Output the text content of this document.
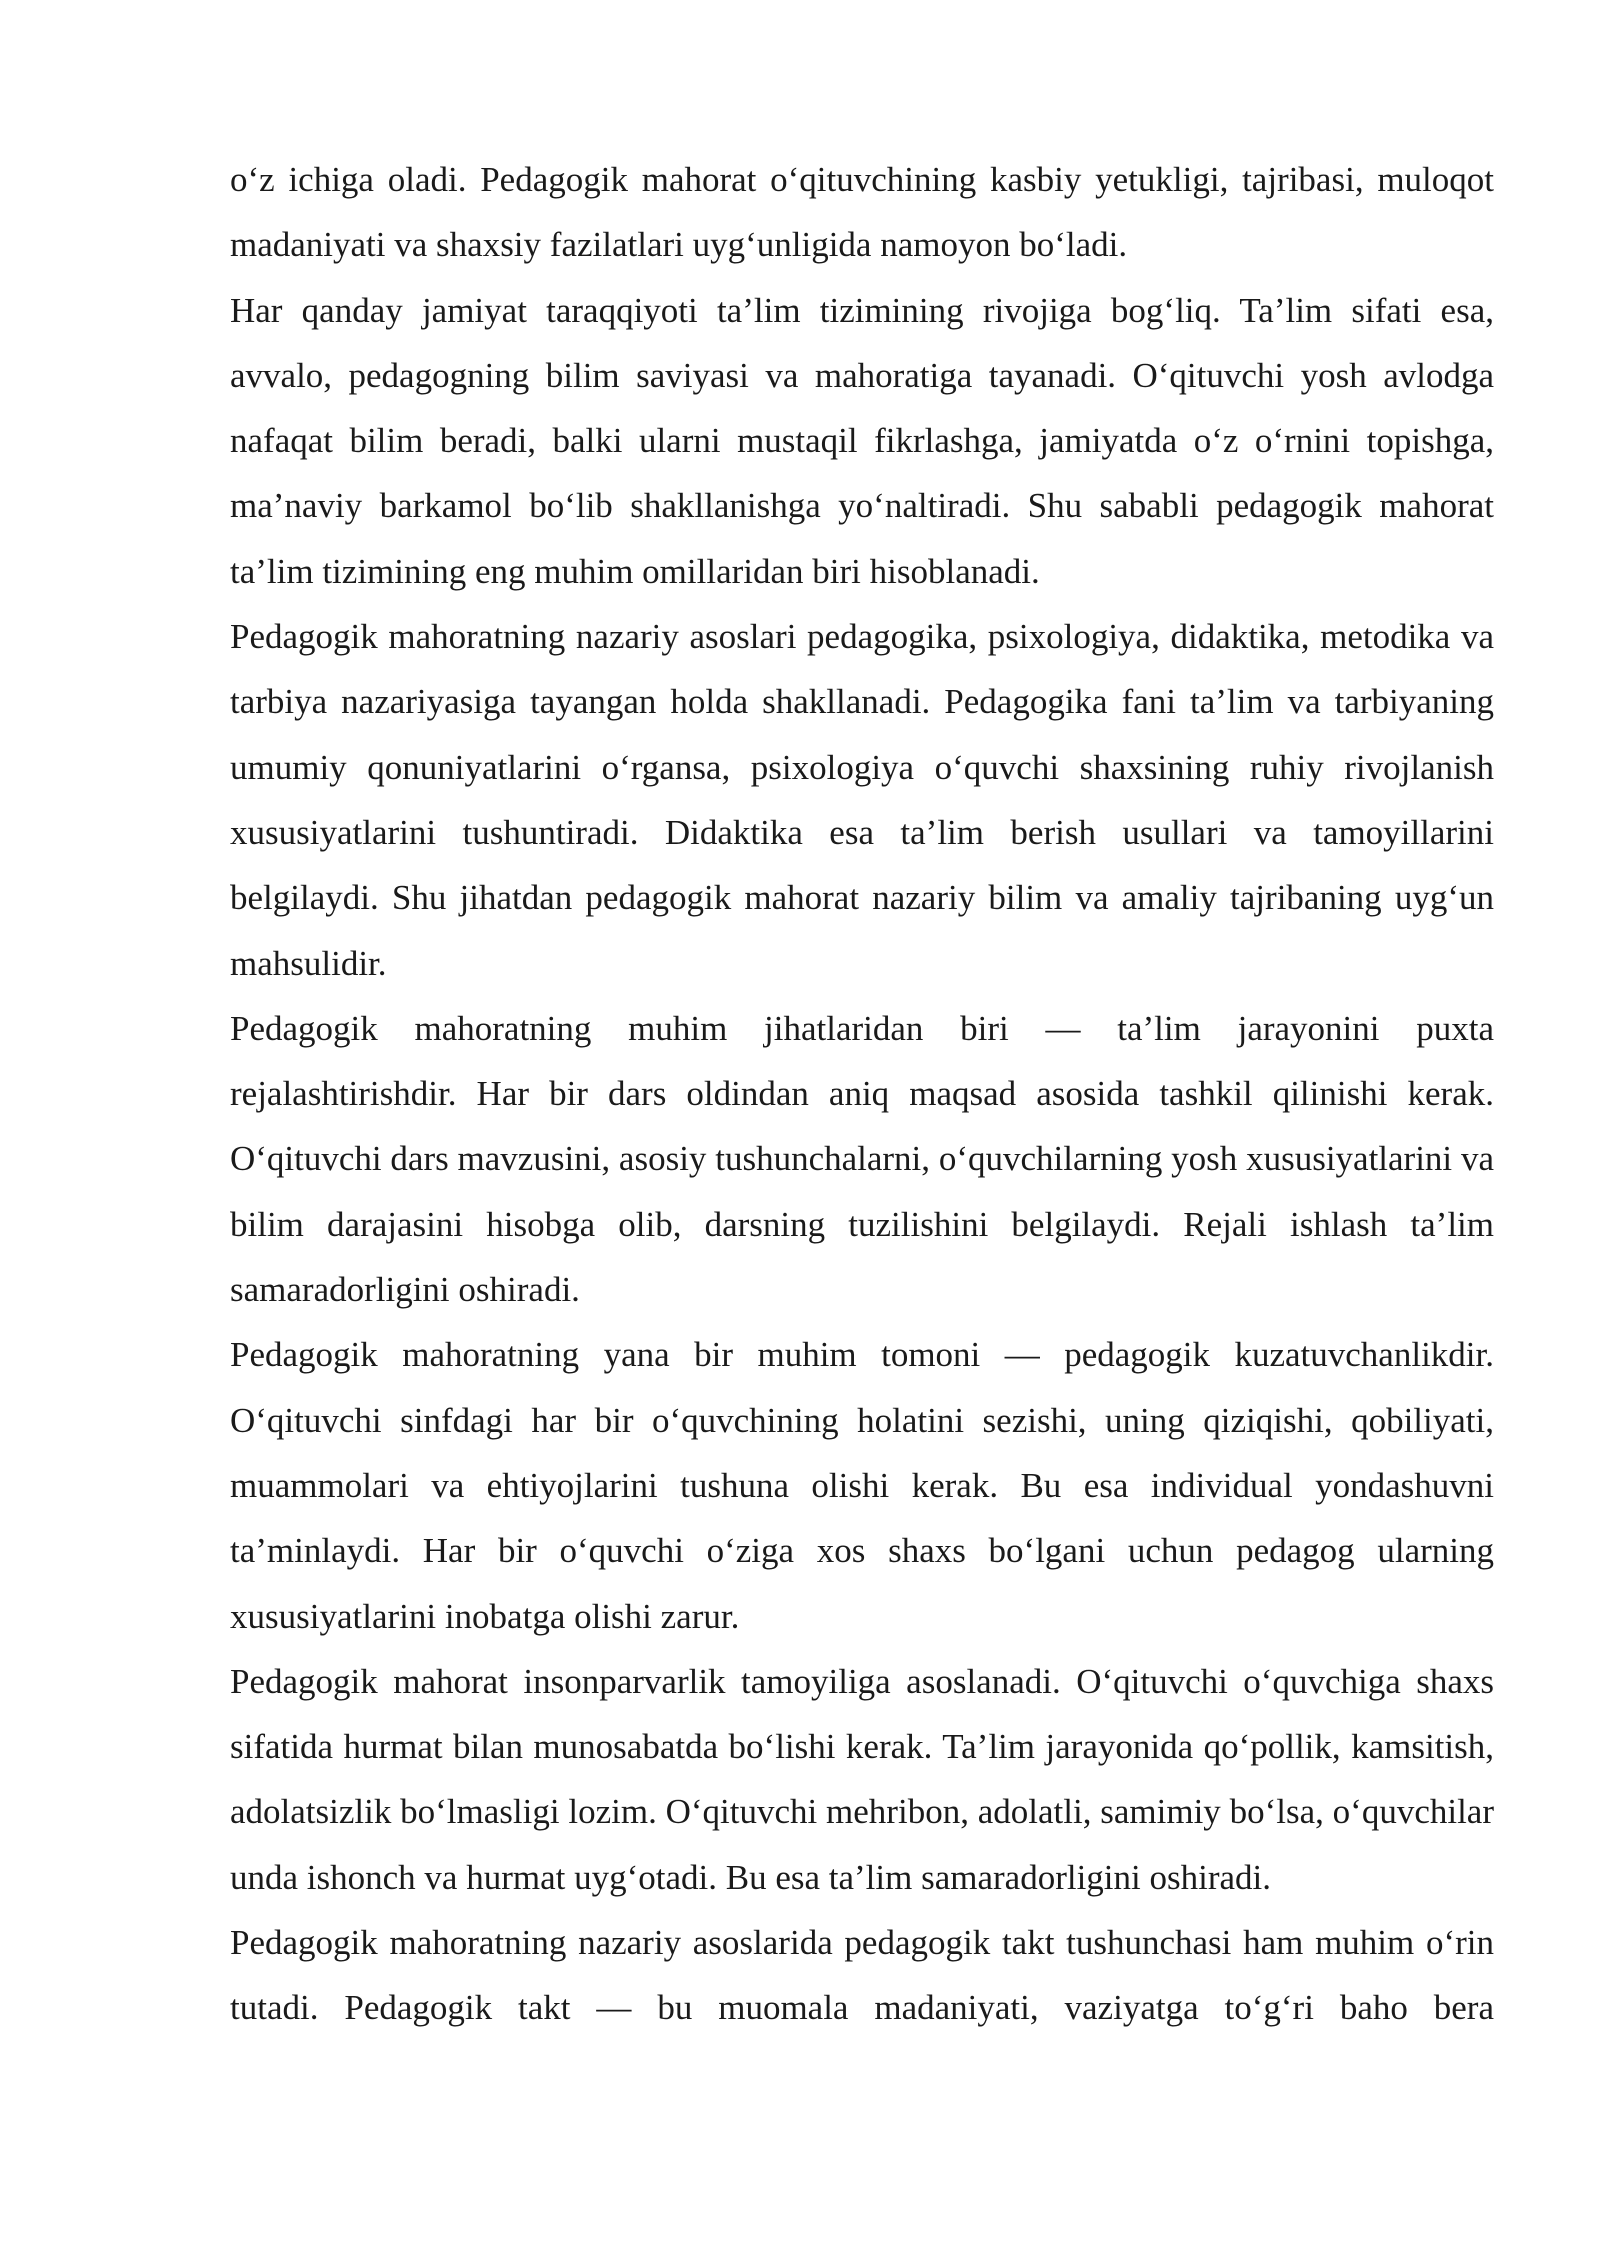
o‘z ichiga oladi. Pedagogik mahorat o‘qituvchining kasbiy yetukligi, tajribasi, muloqot madaniyati va shaxsiy fazilatlari uyg‘unligida namoyon bo‘ladi.

Har qanday jamiyat taraqqiyoti ta’lim tizimining rivojiga bog‘liq. Ta’lim sifati esa, avvalo, pedagogning bilim saviyasi va mahoratiga tayanadi. O‘qituvchi yosh avlodga nafaqat bilim beradi, balki ularni mustaqil fikrlashga, jamiyatda o‘z o‘rnini topishga, ma’naviy barkamol bo‘lib shakllanishga yo‘naltiradi. Shu sababli pedagogik mahorat ta’lim tizimining eng muhim omillaridan biri hisoblanadi.

Pedagogik mahoratning nazariy asoslari pedagogika, psixologiya, didaktika, metodika va tarbiya nazariyasiga tayangan holda shakllanadi. Pedagogika fani ta’lim va tarbiyaning umumiy qonuniyatlarini o‘rgansa, psixologiya o‘quvchi shaxsining ruhiy rivojlanish xususiyatlarini tushuntiradi. Didaktika esa ta’lim berish usullari va tamoyillarini belgilaydi. Shu jihatdan pedagogik mahorat nazariy bilim va amaliy tajribaning uyg‘un mahsulidir.

Pedagogik mahoratning muhim jihatlaridan biri — ta’lim jarayonini puxta rejalashtirishdir. Har bir dars oldindan aniq maqsad asosida tashkil qilinishi kerak. O‘qituvchi dars mavzusini, asosiy tushunchalarni, o‘quvchilarning yosh xususiyatlarini va bilim darajasini hisobga olib, darsning tuzilishini belgilaydi. Rejali ishlash ta’lim samaradorligini oshiradi.

Pedagogik mahoratning yana bir muhim tomoni — pedagogik kuzatuvchanlikdir. O‘qituvchi sinfdagi har bir o‘quvchining holatini sezishi, uning qiziqishi, qobiliyati, muammolari va ehtiyojlarini tushuna olishi kerak. Bu esa individual yondashuvni ta’minlaydi. Har bir o‘quvchi o‘ziga xos shaxs bo‘lgani uchun pedagog ularning xususiyatlarini inobatga olishi zarur.

Pedagogik mahorat insonparvarlik tamoyiliga asoslanadi. O‘qituvchi o‘quvchiga shaxs sifatida hurmat bilan munosabatda bo‘lishi kerak. Ta’lim jarayonida qo‘pollik, kamsitish, adolatsizlik bo‘lmasligi lozim. O‘qituvchi mehribon, adolatli, samimiy bo‘lsa, o‘quvchilar unda ishonch va hurmat uyg‘otadi. Bu esa ta’lim samaradorligini oshiradi.

Pedagogik mahoratning nazariy asoslarida pedagogik takt tushunchasi ham muhim o‘rin tutadi. Pedagogik takt — bu muomala madaniyati, vaziyatga to‘g‘ri baho bera
